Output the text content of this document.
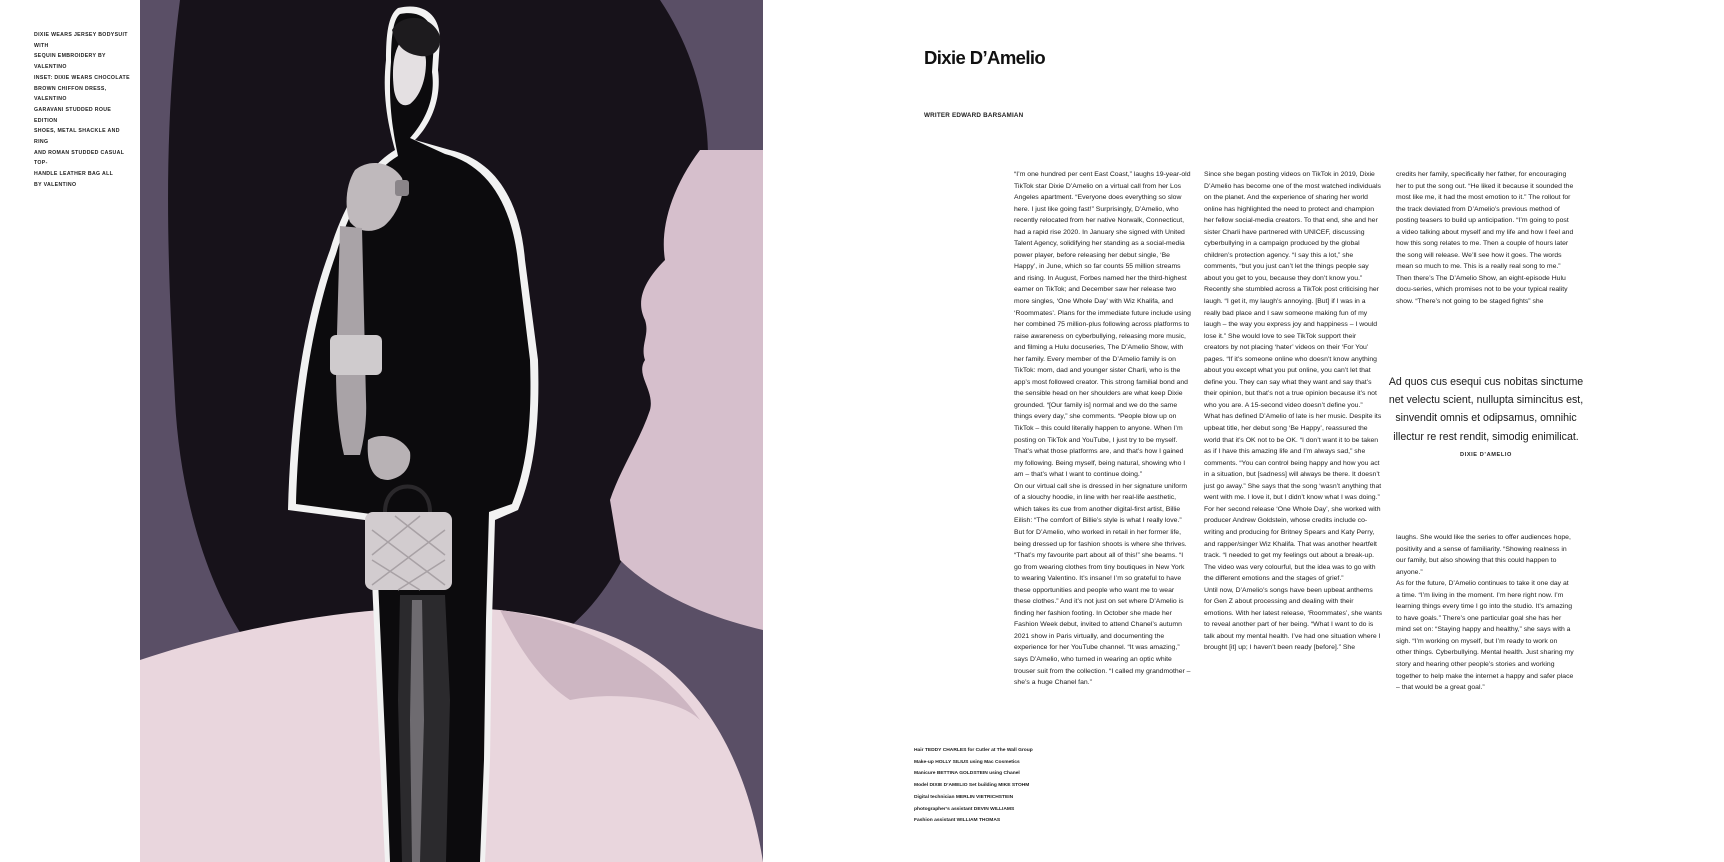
DIXIE WEARS JERSEY BODYSUIT WITH
SEQUIN EMBROIDERY BY VALENTINO
INSET: DIXIE WEARS CHOCOLATE
BROWN CHIFFON DRESS, VALENTINO
GARAVANI STUDDED ROUE EDITION
SHOES, METAL SHACKLE AND RING
AND ROMAN STUDDED CASUAL TOP-
HANDLE LEATHER BAG ALL
BY VALENTINO
Dixie D’Amelio
WRITER EDWARD BARSAMIAN

“I’m one hundred per cent East Coast,” laughs 19-year-old TikTok star Dixie D’Amelio on a virtual call from her Los Angeles apartment. “Everyone does everything so slow here. I just like going fast!” Surprisingly, D’Amelio, who recently relocated from her native Norwalk, Connecticut, had a rapid rise 2020. In January she signed with United Talent Agency, solidifying her standing as a social-media power player, before releasing her debut single, ‘Be Happy’, in June, which so far counts 55 million streams and rising. In August, Forbes named her the third-highest earner on TikTok; and December saw her release two more singles, ‘One Whole Day’ with Wiz Khalifa, and ‘Roommates’. Plans for the immediate future include using her combined 75 million-plus following across platforms to raise awareness on cyberbullying, releasing more music, and filming a Hulu docuseries, The D’Amelio Show, with her family. Every member of the D’Amelio family is on TikTok: mom, dad and younger sister Charli, who is the app’s most followed creator. This strong familial bond and the sensible head on her shoulders are what keep Dixie grounded. “[Our family is] normal and we do the same things every day,” she comments. “People blow up on TikTok – this could literally happen to anyone. When I’m posting on TikTok and YouTube, I just try to be myself. That’s what those platforms are, and that’s how I gained my following. Being myself, being natural, showing who I am – that’s what I want to continue doing.”

On our virtual call she is dressed in her signature uniform of a slouchy hoodie, in line with her real-life aesthetic, which takes its cue from another digital-first artist, Billie Eilish: “The comfort of Billie’s style is what I really love.” But for D’Amelio, who worked in retail in her former life, being dressed up for fashion shoots is where she thrives. “That’s my favourite part about all of this!” she beams. “I go from wearing clothes from tiny boutiques in New York to wearing Valentino. It’s insane! I’m so grateful to have these opportunities and people who want me to wear these clothes.” And it’s not just on set where D’Amelio is finding her fashion footing. In October she made her Fashion Week debut, invited to attend Chanel’s autumn 2021 show in Paris virtually, and documenting the experience for her YouTube channel. “It was amazing,” says D’Amelio, who turned in wearing an optic white trouser suit from the collection. “I called my grandmother – she’s a huge Chanel fan.”

Since she began posting videos on TikTok in 2019, Dixie D’Amelio has become one of the most watched individuals on the planet. And the experience of sharing her world online has highlighted the need to protect and champion her fellow social-media creators. To that end, she and her sister Charli have partnered with UNICEF, discussing cyberbullying in a campaign produced by the global children’s protection agency. “I say this a lot,” she comments, “but you just can’t let the things people say about you get to you, because they don’t know you.” Recently she stumbled across a TikTok post criticising her laugh. “I get it, my laugh’s annoying. [But] if I was in a really bad place and I saw someone making fun of my laugh – the way you express joy and happiness – I would lose it.” She would love to see TikTok support their creators by not placing ‘hater’ videos on their ‘For You’ pages. “If it’s someone online who doesn’t know anything about you except what you put online, you can’t let that define you. They can say what they want and say that’s their opinion, but that’s not a true opinion because it’s not who you are. A 15-second video doesn’t define you.”

What has defined D’Amelio of late is her music. Despite its upbeat title, her debut song ‘Be Happy’, reassured the world that it’s OK not to be OK. “I don’t want it to be taken as if I have this amazing life and I’m always sad,” she comments. “You can control being happy and how you act in a situation, but [sadness] will always be there. It doesn’t just go away.” She says that the song ‘wasn’t anything that went with me. I love it, but I didn’t know what I was doing.” For her second release ‘One Whole Day’, she worked with producer Andrew Goldstein, whose credits include co-writing and producing for Britney Spears and Katy Perry, and rapper/singer Wiz Khalifa. That was another heartfelt track. “I needed to get my feelings out about a break-up. The video was very colourful, but the idea was to go with the different emotions and the stages of grief.”

Until now, D’Amelio’s songs have been upbeat anthems for Gen Z about processing and dealing with their emotions. With her latest release, ‘Roommates’, she wants to reveal another part of her being. “What I want to do is talk about my mental health. I’ve had one situation where I brought [it] up; I haven’t been ready [before].” She

credits her family, specifically her father, for encouraging her to put the song out. “He liked it because it sounded the most like me, it had the most emotion to it.” The rollout for the track deviated from D’Amelio’s previous method of posting teasers to build up anticipation. “I’m going to post a video talking about myself and my life and how I feel and how this song relates to me. Then a couple of hours later the song will release. We’ll see how it goes. The words mean so much to me. This is a really real song to me.”

Then there’s The D’Amelio Show, an eight-episode Hulu docu-series, which promises not to be your typical reality show. “There’s not going to be staged fights” she

Ad quos cus esequi cus nobitas sinctume net velectu scient, nullupta simincitus est, sinvendit omnis et odipsamus, omnihic illectur re rest rendit, simodig enimilicat.
DIXIE D’AMELIO

laughs. She would like the series to offer audiences hope, positivity and a sense of familiarity. “Showing realness in our family, but also showing that this could happen to anyone.”

As for the future, D’Amelio continues to take it one day at a time. “I’m living in the moment. I’m here right now. I’m learning things every time I go into the studio. It’s amazing to have goals.” There’s one particular goal she has her mind set on: “Staying happy and healthy,” she says with a sigh. “I’m working on myself, but I’m ready to work on other things. Cyberbullying. Mental health. Just sharing my story and hearing other people’s stories and working together to help make the internet a happy and safer place – that would be a great goal.”

Hair TEDDY CHARLES for Cutler at The Wall Group
Make-up HOLLY SILIUS using Mac Cosmetics
Manicure BETTINA GOLDSTEIN using Chanel
Model DIXIE D’AMELIO Set building MIKE STOHM
Digital technician MERLIN VIETRICHSTEIN
photographer’s assistant DEVIN WILLIAMS
Fashion assistant WILLIAM THOMAS
